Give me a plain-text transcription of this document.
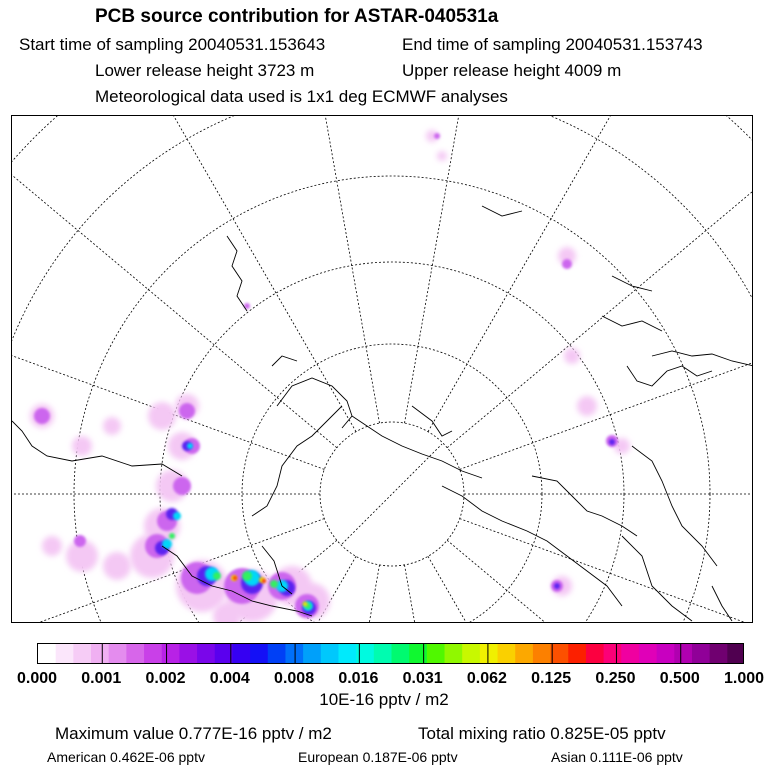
PCB source contribution for ASTAR-040531a
Start time of sampling 20040531.153643	End time of sampling 20040531.153743
Lower release height 3723 m	Upper release height 4009 m
Meteorological data used is 1x1 deg ECMWF analyses
0.000 0.001 0.002 0.004 0.008 0.016 0.031 0.062 0.125 0.250 0.500 1.000
10E-16 pptv / m2
Maximum value 0.777E-16 pptv / m2	Total mixing ratio 0.825E-05 pptv
American 0.462E-06 pptv	European 0.187E-06 pptv	Asian 0.111E-06 pptv
